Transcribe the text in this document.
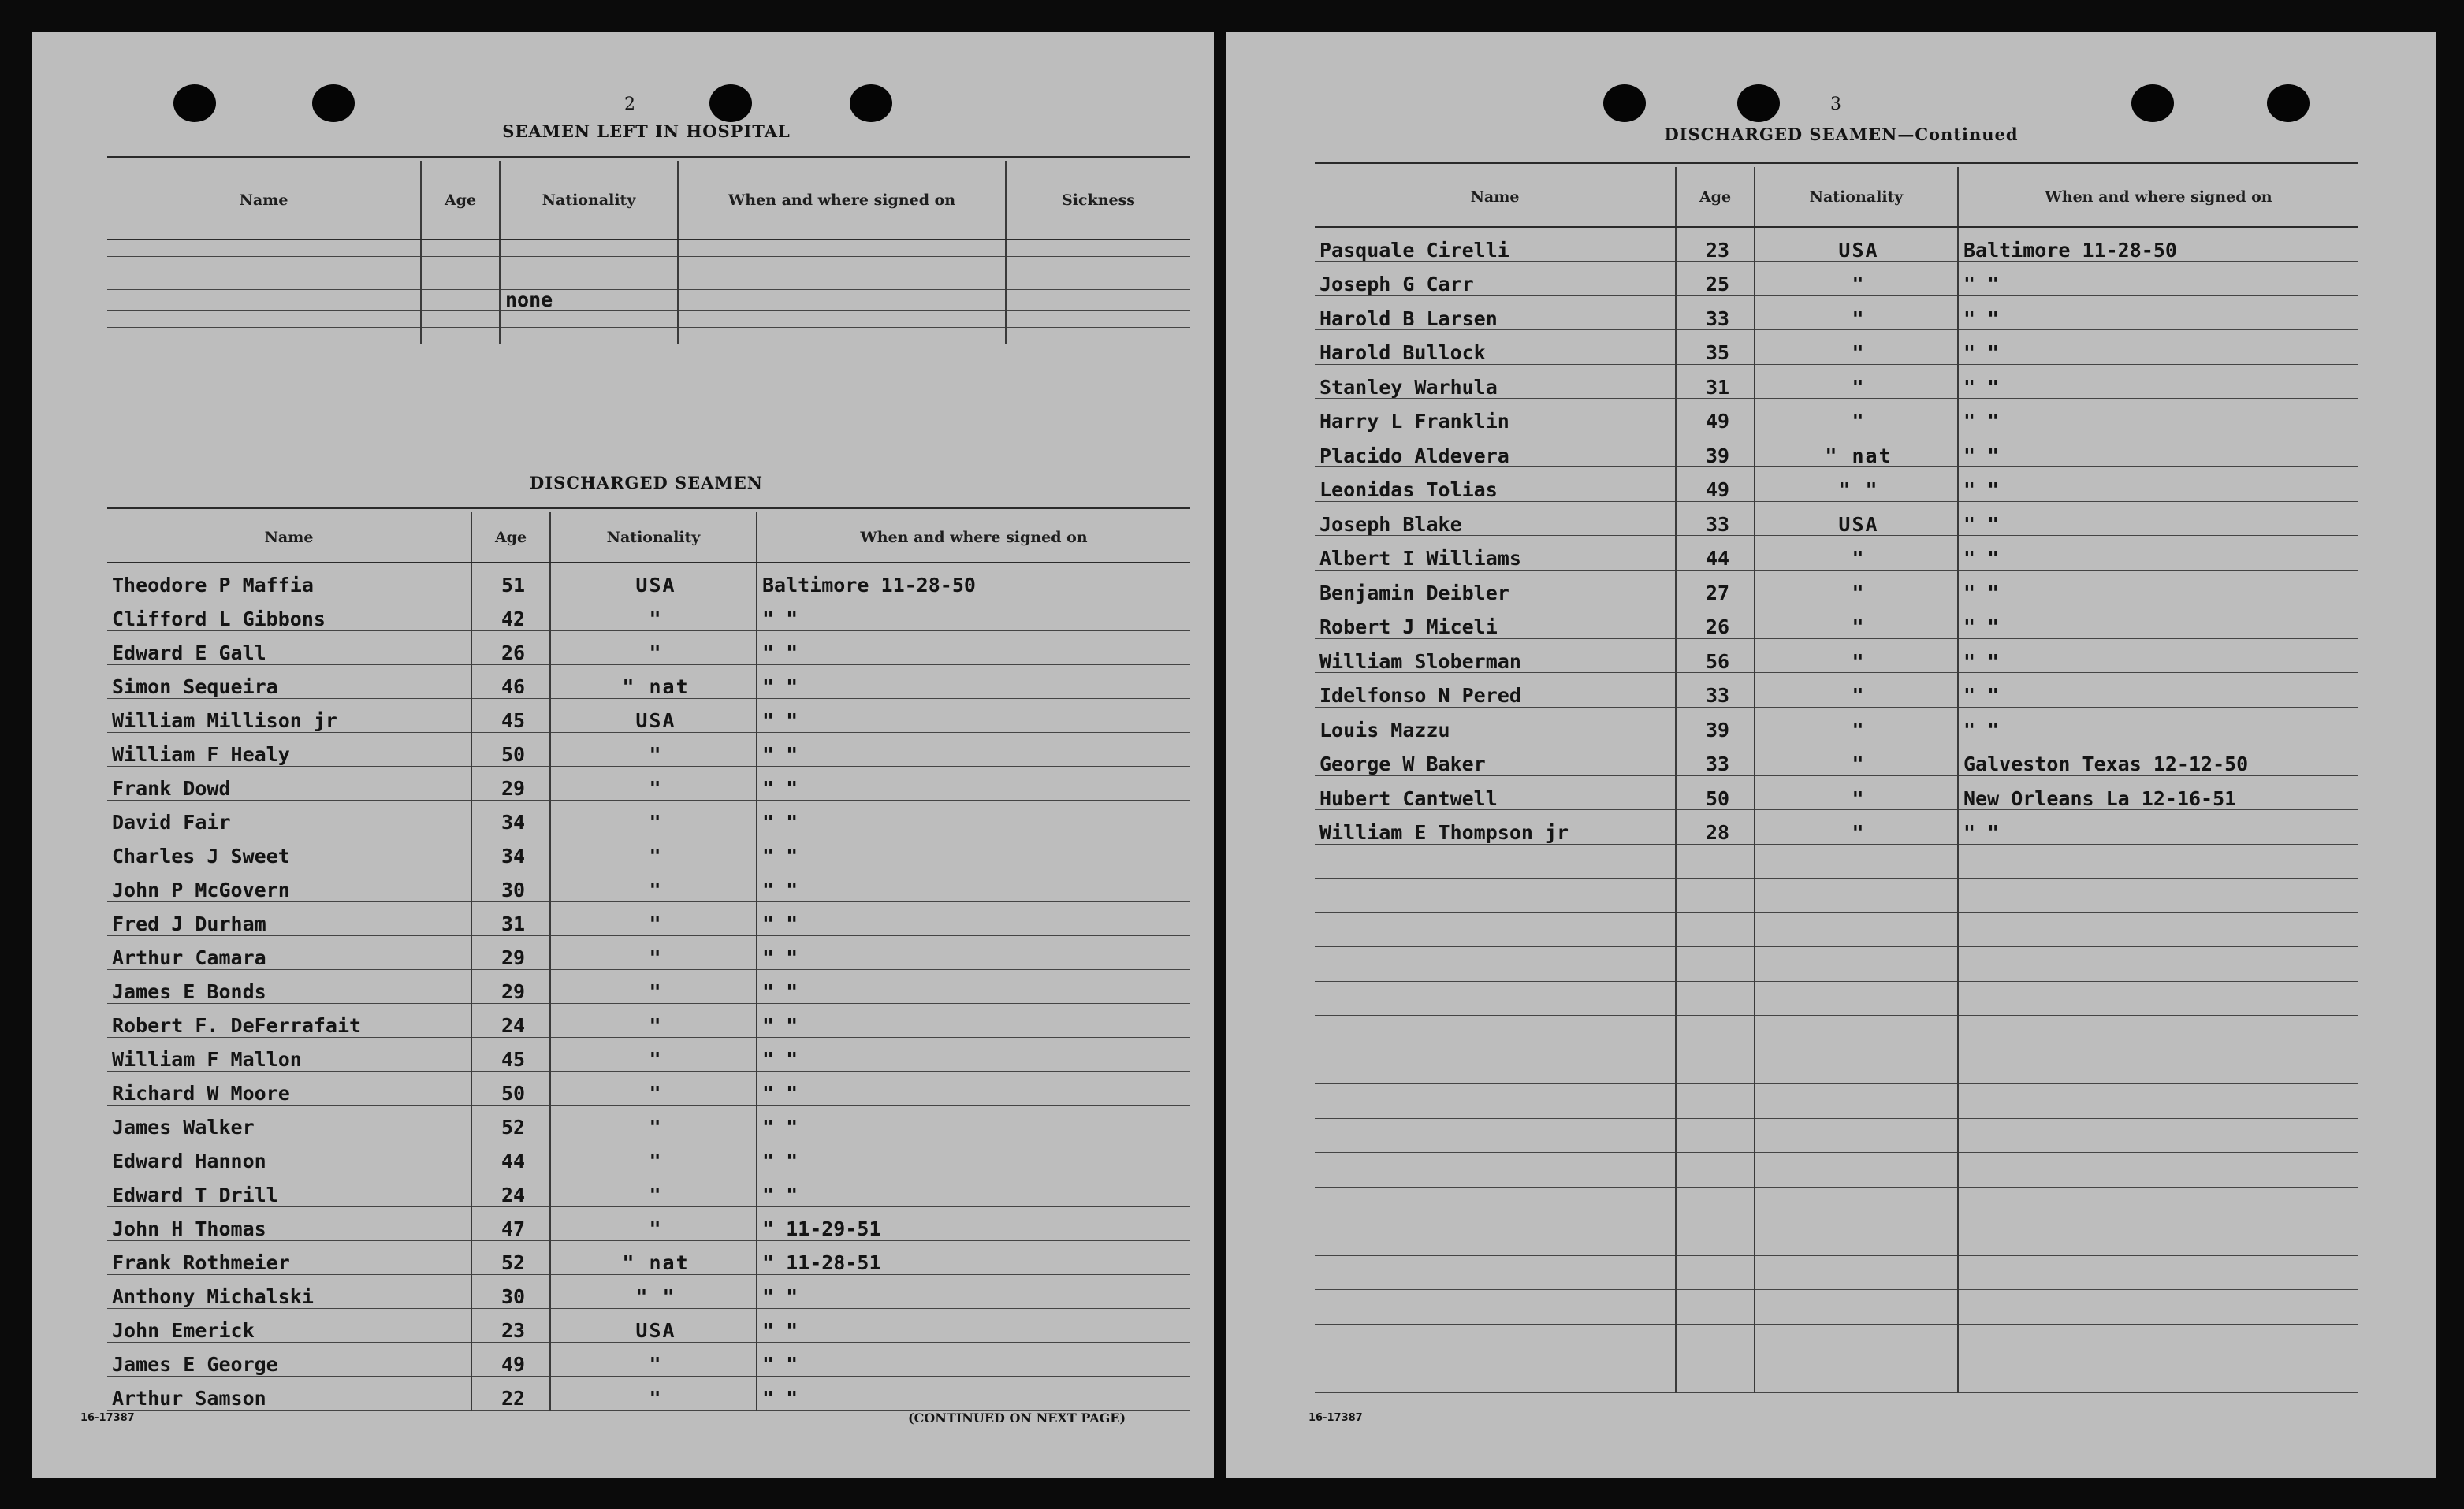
2
SEAMEN LEFT IN HOSPITAL
Name	Age	Nationality	When and where signed on	Sickness

		none		

DISCHARGED SEAMEN
Name	Age	Nationality	When and where signed on
Theodore P Maffia	51	USA	Baltimore 11-28-50
Clifford L Gibbons	42	"	" "
Edward E Gall	26	"	" "
Simon Sequeira	46	" nat	" "
William Millison jr	45	USA	" "
William F Healy	50	"	" "
Frank Dowd	29	"	" "
David Fair	34	"	" "
Charles J Sweet	34	"	" "
John P McGovern	30	"	" "
Fred J Durham	31	"	" "
Arthur Camara	29	"	" "
James E Bonds	29	"	" "
Robert F. DeFerrafait	24	"	" "
William F Mallon	45	"	" "
Richard W Moore	50	"	" "
James Walker	52	"	" "
Edward Hannon	44	"	" "
Edward T Drill	24	"	" "
John H Thomas	47	"	" 11-29-51
Frank Rothmeier	52	" nat	" 11-28-51
Anthony Michalski	30	" "	" "
John Emerick	23	USA	" "
James E George	49	"	" "
Arthur Samson	22	"	" "
16-17387	(CONTINUED ON NEXT PAGE)
3
DISCHARGED SEAMEN—Continued
Name	Age	Nationality	When and where signed on
Pasquale Cirelli	23	USA	Baltimore 11-28-50
Joseph G Carr	25	"	" "
Harold B Larsen	33	"	" "
Harold Bullock	35	"	" "
Stanley Warhula	31	"	" "
Harry L Franklin	49	"	" "
Placido Aldevera	39	" nat	" "
Leonidas Tolias	49	" "	" "
Joseph Blake	33	USA	" "
Albert I Williams	44	"	" "
Benjamin Deibler	27	"	" "
Robert J Miceli	26	"	" "
William Sloberman	56	"	" "
Idelfonso N Pered	33	"	" "
Louis Mazzu	39	"	" "
George W Baker	33	"	Galveston Texas 12-12-50
Hubert Cantwell	50	"	New Orleans La 12-16-51
William E Thompson jr	28	"	" "

16-17387
